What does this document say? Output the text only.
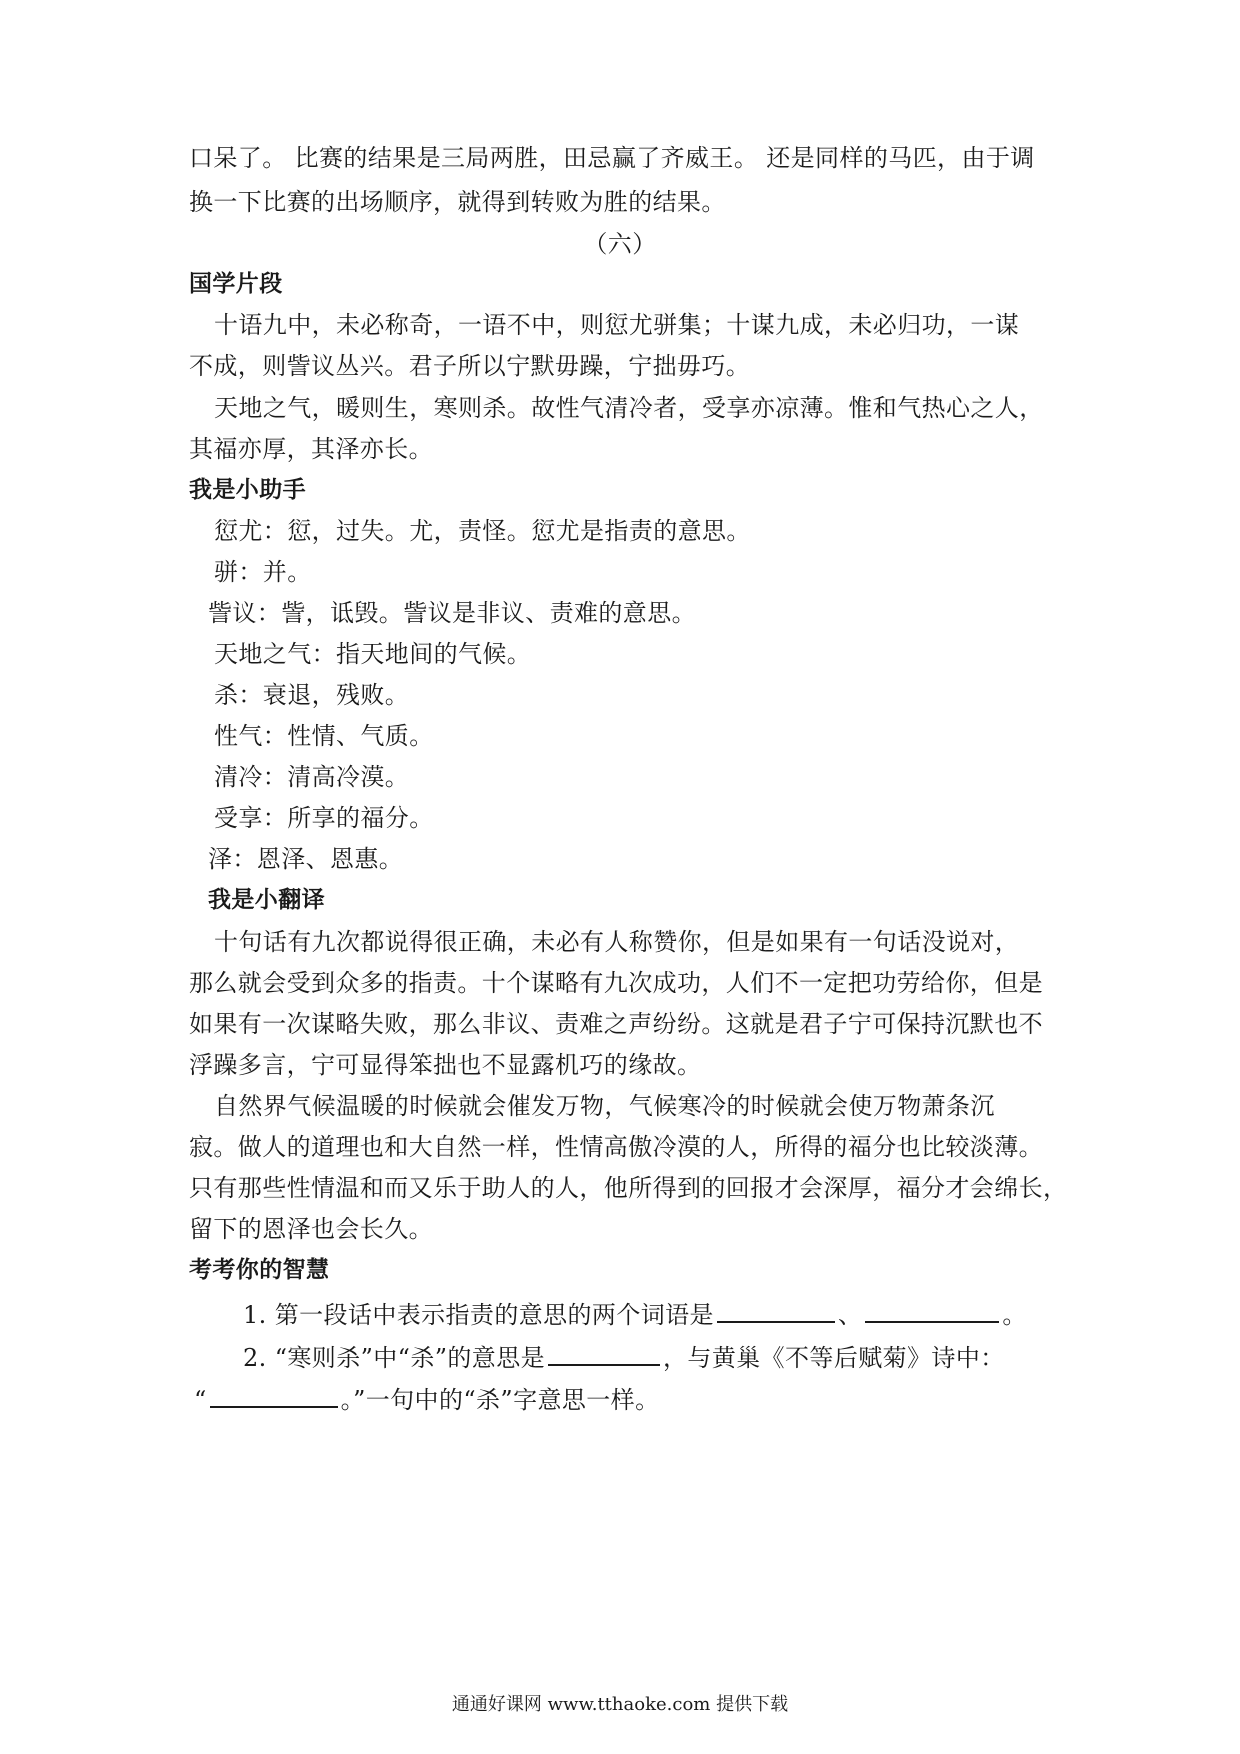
口呆了。 比赛的结果是三局两胜，田忌赢了齐威王。 还是同样的马匹，由于调
换一下比赛的出场顺序，就得到转败为胜的结果。
（六）
国学片段
十语九中，未必称奇，一语不中，则愆尤骈集；十谋九成，未必归功，一谋
不成，则訾议丛兴。君子所以宁默毋躁，宁拙毋巧。
天地之气，暖则生，寒则杀。故性气清冷者，受享亦凉薄。惟和气热心之人，
其福亦厚，其泽亦长。
我是小助手
愆尤：愆，过失。尤，责怪。愆尤是指责的意思。
骈：并。
訾议：訾，诋毁。訾议是非议、责难的意思。
天地之气：指天地间的气候。
杀：衰退，残败。
性气：性情、气质。
清冷：清高冷漠。
受享：所享的福分。
泽：恩泽、恩惠。
我是小翻译
十句话有九次都说得很正确，未必有人称赞你，但是如果有一句话没说对，
那么就会受到众多的指责。十个谋略有九次成功，人们不一定把功劳给你，但是
如果有一次谋略失败，那么非议、责难之声纷纷。这就是君子宁可保持沉默也不
浮躁多言，宁可显得笨拙也不显露机巧的缘故。
自然界气候温暖的时候就会催发万物，气候寒冷的时候就会使万物萧条沉
寂。做人的道理也和大自然一样，性情高傲冷漠的人，所得的福分也比较淡薄。
只有那些性情温和而又乐于助人的人，他所得到的回报才会深厚，福分才会绵长，
留下的恩泽也会长久。
考考你的智慧
1. 第一段话中表示指责的意思的两个词语是	、	。
2. “寒则杀”中“杀”的意思是	，与黄巢《不等后赋菊》诗中：
“	。”一句中的“杀”字意思一样。
通通好课网 www.tthaoke.com 提供下载
